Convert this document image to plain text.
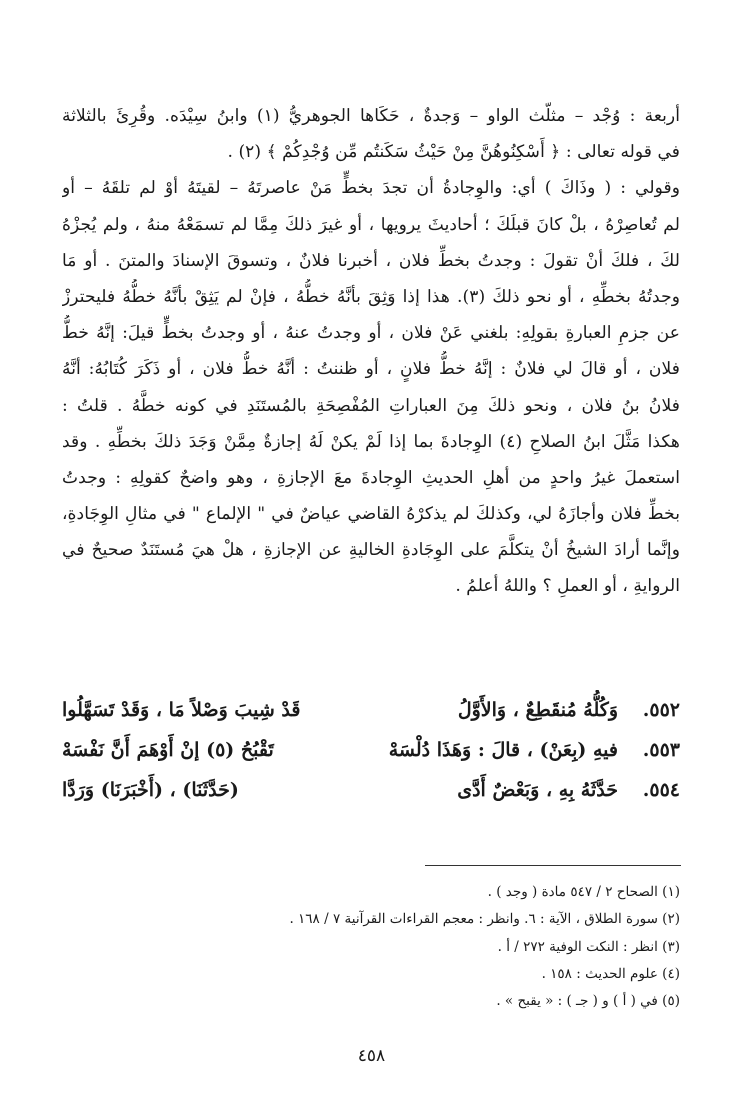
أربعة : وُجْد – مثلّث الواو – وَجدةٌ ، حَكَاها الجوهريُّ (١) وابنُ سِيْدَه. وقُرِئَ بالثلاثة
في قوله تعالى : ﴿ أَسْكِنُوهُنَّ مِنْ حَيْثُ سَكَنتُم مِّن وُجْدِكُمْ ﴾ (٢) .
وقولي : ( وذَاكَ ) أي: والوِجادةُ أن تجدَ بخطٍّ مَنْ عاصرتَهُ – لقيتَهُ أوْ لم تلقَهُ – أو
لم تُعاصِرْهُ ، بلْ كانَ قبلَكَ ؛ أحاديثَ يرويها ، أو غيرَ ذلكَ مِمَّا لم تسمَعْهُ منهُ ، ولم يُجزْهُ
لكَ ، فلكَ أنْ تقولَ : وجدتُ بخطِّ فلان ، أخبرنا فلانٌ ، وتسوقَ الإسنادَ والمتنَ . أو مَا
وجدتُهُ بخطِّهِ ، أو نحو ذلكَ (٣). هذا إذا وَثِقَ بأنَّهُ خطُّهُ ، فإنْ لم يَثِقْ بأنَّهُ خطُّهُ فليحترزْ
عن جزمِ العبارةِ بقولِهِ: بلغني عَنْ فلان ، أو وجدتُ عنهُ ، أو وجدتُ بخطٍّ قيلَ: إنَّهُ خطُّ
فلان ، أو قالَ لي فلانٌ : إنَّهُ خطُّ فلانٍ ، أو ظننتُ : أنَّهُ خطُّ فلان ، أو ذَكَرَ كُتَابُهُ: أنَّهُ
فلانُ بنُ فلان ، ونحو ذلكَ مِنَ العباراتِ المُفْصِحَةِ بالمُستَنَدِ في كونه خطَّهُ . قلتُ :
هكذا مَثَّلَ ابنُ الصلاحِ (٤) الوِجادةَ بما إذا لَمْ يكنْ لَهُ إجازةٌ مِمَّنْ وَجَدَ ذلكَ بخطِّهِ . وقد
استعملَ غيرُ واحدٍ من أهلِ الحديثِ الوِجادةَ معَ الإجازةِ ، وهو واضحٌ كقولِهِ : وجدتُ
بخطِّ فلان وأجازَهُ لي، وكذلكَ لم يذكرْهُ القاضي عياضٌ في " الإلماع " في مثالِ الوِجَادةِ،
وإنَّما أرادَ الشيخُ أنْ يتكلَّمَ على الوِجَادةِ الخاليةِ عن الإجازةِ ، هلْ هيَ مُستَنَدٌ صحيحٌ في
الروايةِ ، أو العملِ ؟ واللهُ أعلمُ .
٥٥٢.
وَكُلُّهُ مُنقَطِعٌ ، وَالأَوَّلُ
قَدْ شِيبَ وَصْلاً مَا ، وَقَدْ تَسَهَّلُوا
٥٥٣.
فيهِ (بِعَنْ) ، قالَ : وَهَذَا دُلْسَهْ
تَقْبُحُ (٥) إنْ أَوْهَمَ أَنَّ نَفْسَهْ
٥٥٤.
حَدَّثَهُ بِهِ ، وَبَعْضٌ أَدَّى
(حَدَّثَنَا) ، (أَخْبَرَنَا) وَرَدَّا
(١) الصحاح ٢ / ٥٤٧ مادة ( وجد ) .
(٢) سورة الطلاق ، الآية : ٦. وانظر : معجم القراءات القرآنية ٧ / ١٦٨ .
(٣) انظر : النكت الوفية ٢٧٢ / أ .
(٤) علوم الحديث : ١٥٨ .
(٥) في ( أ ) و ( جـ ) : « يقبح » .
٤٥٨
